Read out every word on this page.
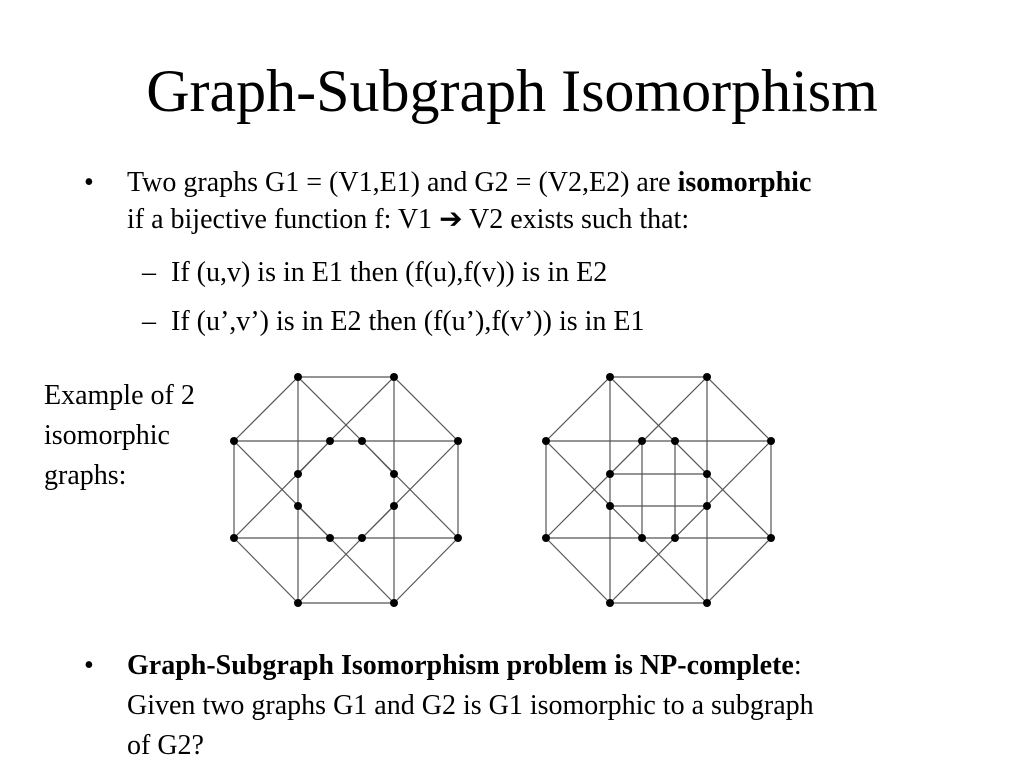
Graph-Subgraph Isomorphism
• Two graphs G1 = (V1,E1) and G2 = (V2,E2) are isomorphic
if a bijective function f: V1 ➔ V2 exists such that:
– If (u,v) is in E1 then (f(u),f(v)) is in E2
– If (u’,v’) is in E2 then (f(u’),f(v’)) is in E1
Example of 2
isomorphic
graphs:
• Graph-Subgraph Isomorphism problem is NP-complete:
Given two graphs G1 and G2 is G1 isomorphic to a subgraph
of G2?
